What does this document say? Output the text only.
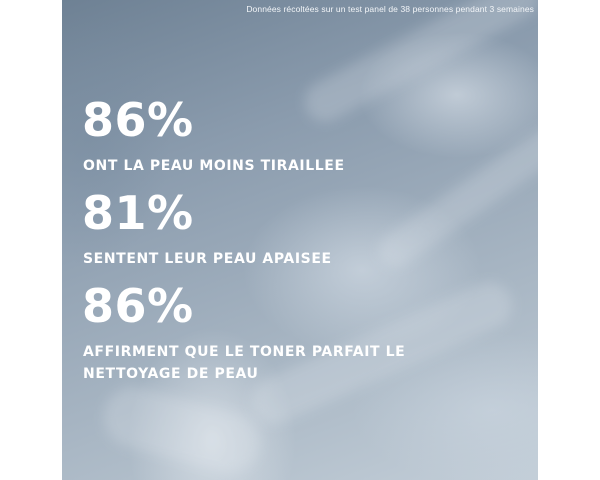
Données récoltées sur un test panel de 38 personnes pendant 3 semaines
86%
ONT LA PEAU MOINS TIRAILLEE
81%
SENTENT LEUR PEAU APAISEE
86%
AFFIRMENT QUE LE TONER PARFAIT LE NETTOYAGE DE PEAU
